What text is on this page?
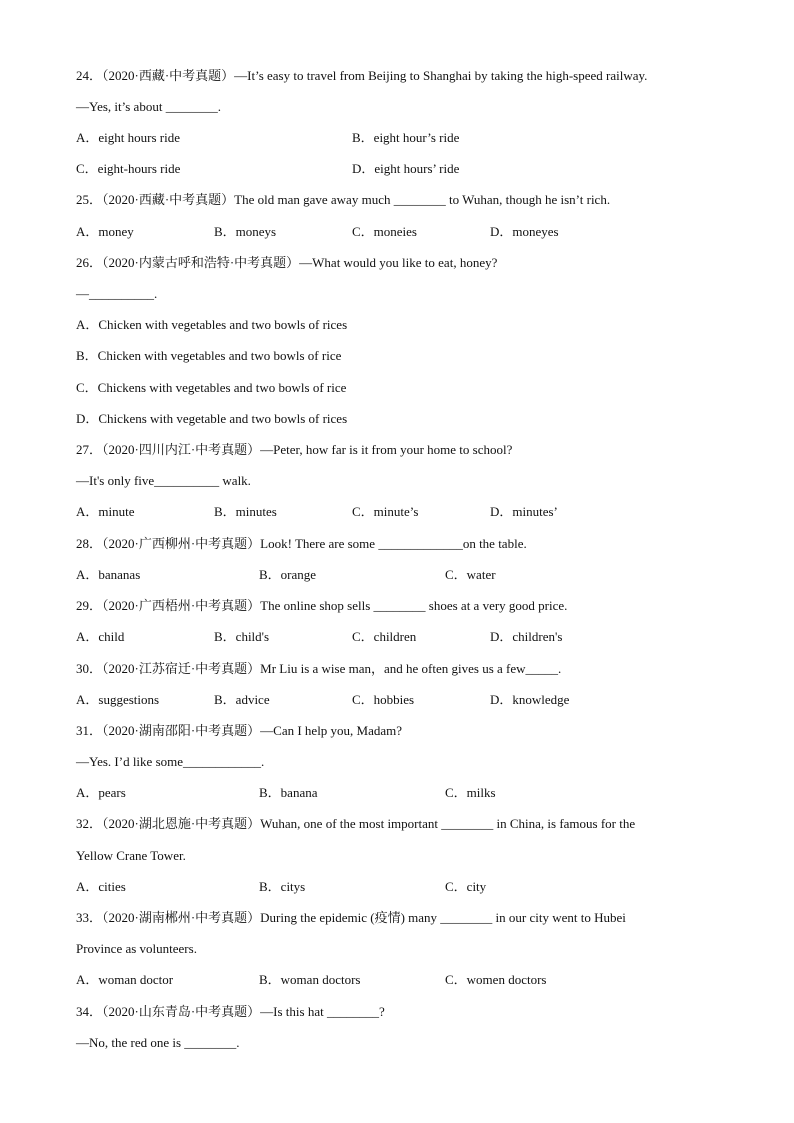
24．（2020·西藏·中考真题）—It’s easy to travel from Beijing to Shanghai by taking the high-speed railway.
—Yes, it’s about ________.
A．eight hours ride	B．eight hour’s ride
C．eight-hours ride	D．eight hours’ ride
25．（2020·西藏·中考真题）The old man gave away much ________ to Wuhan, though he isn’t rich.
A．money	B．moneys	C．moneies	D．moneyes
26．（2020·内蒙古呼和浩特·中考真题）—What would you like to eat, honey?
—__________.
A．Chicken with vegetables and two bowls of rices
B．Chicken with vegetables and two bowls of rice
C．Chickens with vegetables and two bowls of rice
D．Chickens with vegetable and two bowls of rices
27．（2020·四川内江·中考真题）—Peter, how far is it from your home to school?
—It's only five__________ walk.
A．minute	B．minutes	C．minute’s	D．minutes’
28．（2020·广西柳州·中考真题）Look! There are some _____________on the table.
A．bananas	B．orange	C．water
29．（2020·广西梧州·中考真题）The online shop sells ________ shoes at a very good price.
A．child	B．child's	C．children	D．children's
30．（2020·江苏宿迁·中考真题）Mr Liu is a wise man，and he often gives us a few_____.
A．suggestions	B．advice	C．hobbies	D．knowledge
31．（2020·湖南邵阳·中考真题）—Can I help you, Madam?
—Yes. I’d like some____________.
A．pears	B．banana	C．milks
32．（2020·湖北恩施·中考真题）Wuhan, one of the most important ________ in China, is famous for the
Yellow Crane Tower.
A．cities	B．citys	C．city
33．（2020·湖南郴州·中考真题）During the epidemic (疫情) many ________ in our city went to Hubei
Province as volunteers.
A．woman doctor	B．woman doctors	C．women doctors
34．（2020·山东青岛·中考真题）—Is this hat ________?
—No, the red one is ________.
